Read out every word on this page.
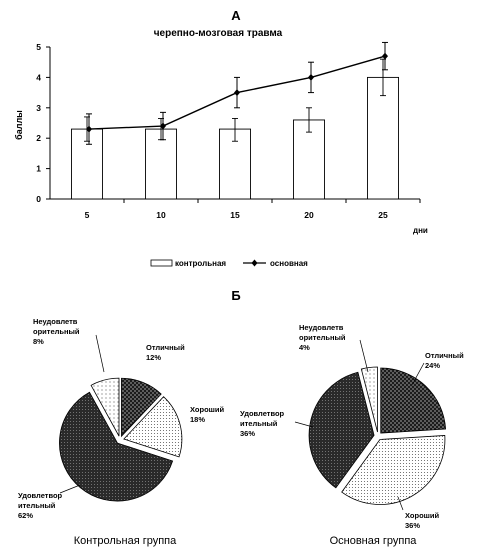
А
черепно-мозговая травма
Б
0
1
2
3
4
5
5	10	15	20	25
баллы
дни
контрольная	основная
Отличный
12%
Хороший
18%
Удовлетвор
ительный
62%
Неудовлетв
орительный
8%
Отличный
24%
Хороший
36%
Удовлетвор
ительный
36%
Неудовлетв
орительный
4%
Контрольная группа	Основная группа
